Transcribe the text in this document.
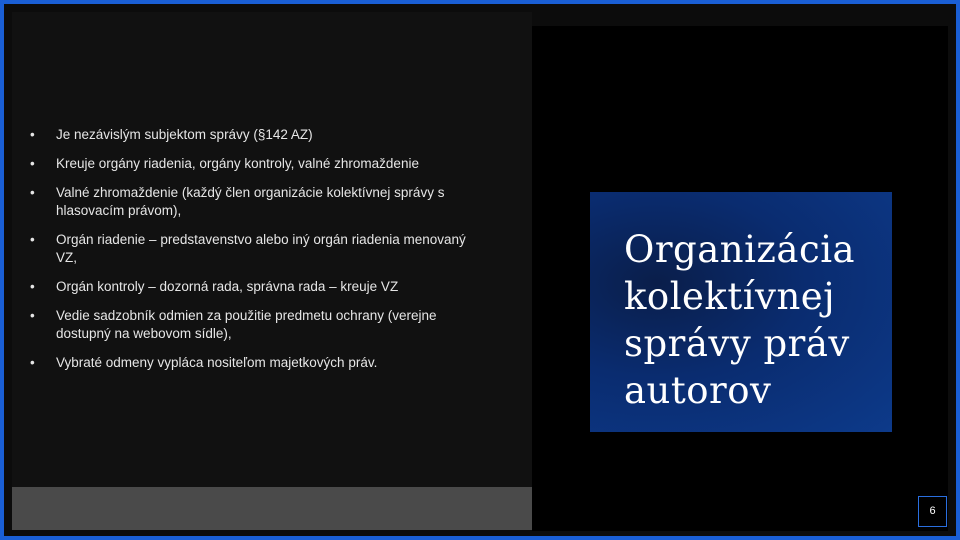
• Je nezávislým subjektom správy (§142 AZ)
• Kreuje orgány riadenia, orgány kontroly, valné zhromaždenie
• Valné zhromaždenie (každý člen organizácie kolektívnej správy s hlasovacím právom),
• Orgán riadenie – predstavenstvo alebo iný orgán riadenia menovaný VZ,
• Orgán kontroly – dozorná rada, správna rada – kreuje VZ
• Vedie sadzobník odmien za použitie predmetu ochrany (verejne dostupný na webovom sídle),
• Vybraté odmeny vypláca nositeľom majetkových práv.
Organizácia kolektívnej správy práv autorov
6
